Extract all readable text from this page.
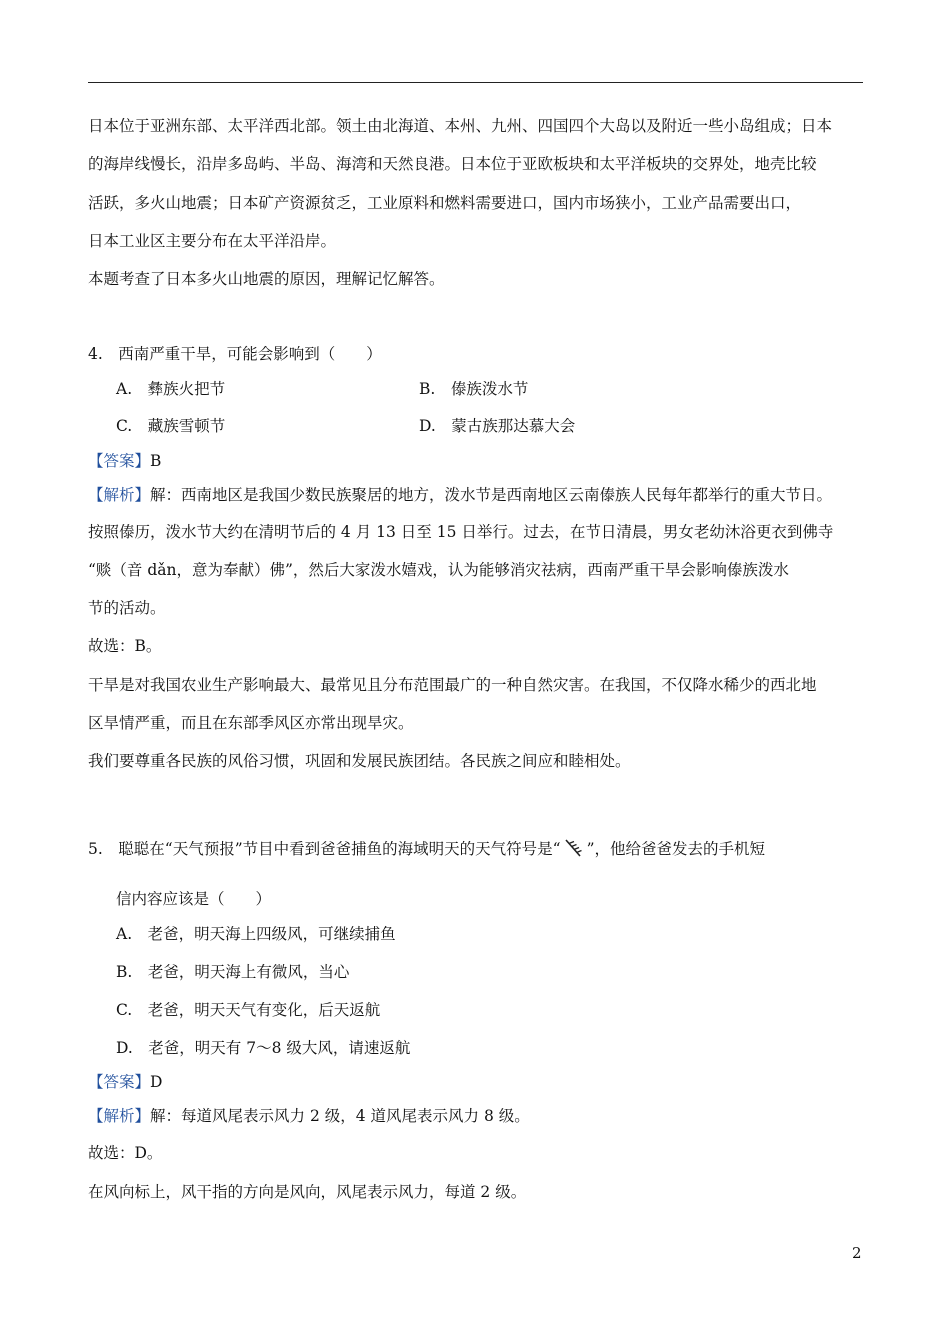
日本位于亚洲东部、太平洋西北部。领土由北海道、本州、九州、四国四个大岛以及附近一些小岛组成；日本
的海岸线慢长，沿岸多岛屿、半岛、海湾和天然良港。日本位于亚欧板块和太平洋板块的交界处，地壳比较
活跃，多火山地震；日本矿产资源贫乏，工业原料和燃料需要进口，国内市场狭小，工业产品需要出口，
日本工业区主要分布在太平洋沿岸。
本题考查了日本多火山地震的原因，理解记忆解答。
4.　西南严重干旱，可能会影响到（　　）
A.　彝族火把节	B.　傣族泼水节
C.　藏族雪顿节	D.　蒙古族那达慕大会
【答案】B
【解析】解：西南地区是我国少数民族聚居的地方，泼水节是西南地区云南傣族人民每年都举行的重大节日。
按照傣历，泼水节大约在清明节后的 4 月 13 日至 15 日举行。过去，在节日清晨，男女老幼沐浴更衣到佛寺
“赕（音 dǎn，意为奉献）佛”，然后大家泼水嬉戏，认为能够消灾祛病，西南严重干旱会影响傣族泼水
节的活动。
故选：B。
干旱是对我国农业生产影响最大、最常见且分布范围最广的一种自然灾害。在我国，不仅降水稀少的西北地
区旱情严重，而且在东部季风区亦常出现旱灾。
我们要尊重各民族的风俗习惯，巩固和发展民族团结。各民族之间应和睦相处。
5.　聪聪在“天气预报”节目中看到爸爸捕鱼的海域明天的天气符号是“ ”，他给爸爸发去的手机短
信内容应该是（　　）
A.　老爸，明天海上四级风，可继续捕鱼
B.　老爸，明天海上有微风，当心
C.　老爸，明天天气有变化，后天返航
D.　老爸，明天有 7～8 级大风，请速返航
【答案】D
【解析】解：每道风尾表示风力 2 级，4 道风尾表示风力 8 级。
故选：D。
在风向标上，风干指的方向是风向，风尾表示风力，每道 2 级。
2
